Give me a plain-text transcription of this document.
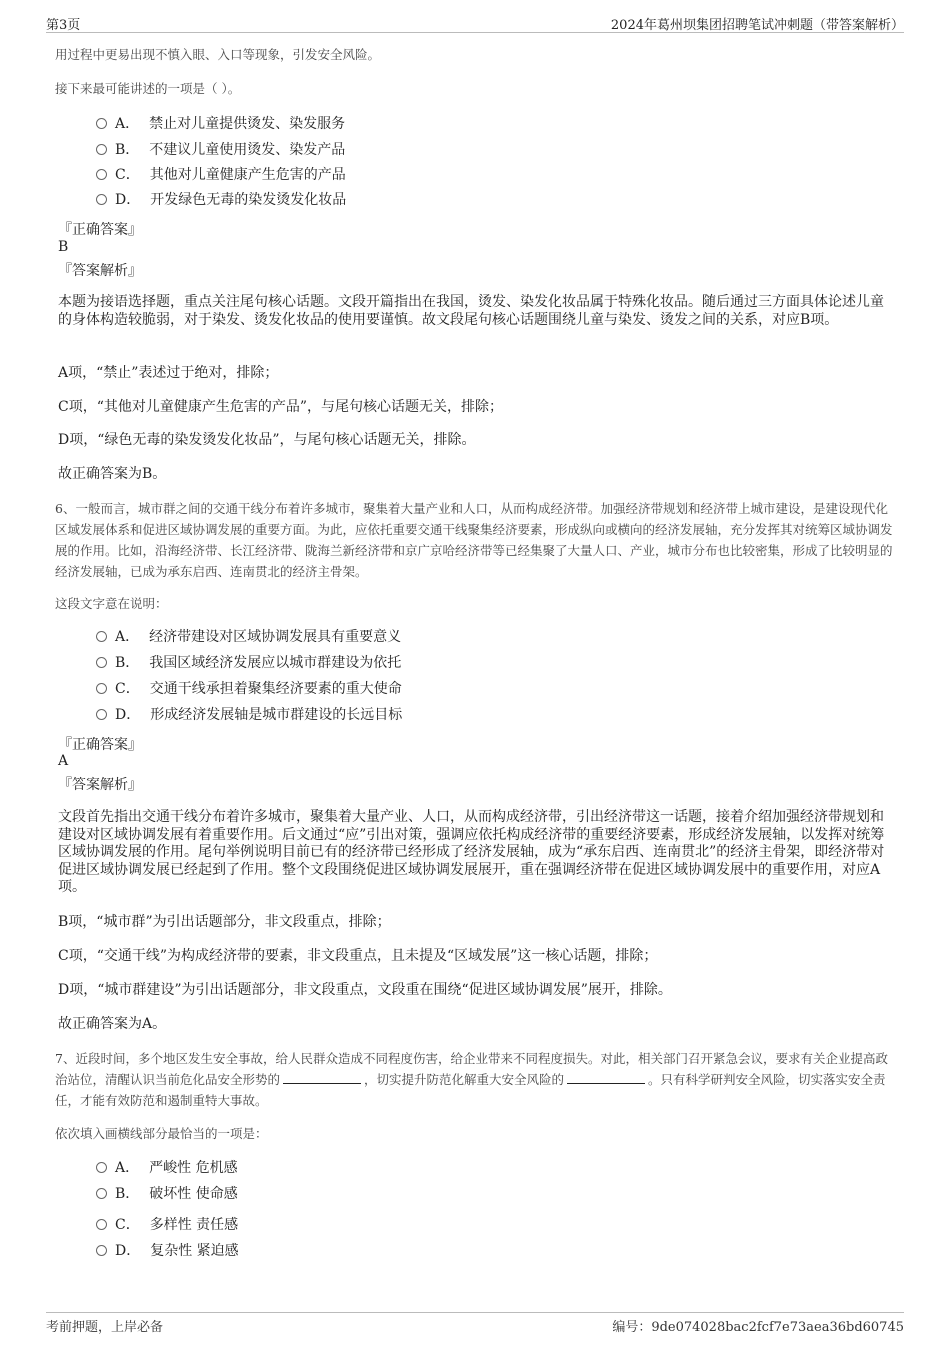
第3页	2024年葛州坝集团招聘笔试冲刺题（带答案解析）
用过程中更易出现不慎入眼、入口等现象，引发安全风险。
接下来最可能讲述的一项是（ ）。
A． 禁止对儿童提供烫发、染发服务
B． 不建议儿童使用烫发、染发产品
C． 其他对儿童健康产生危害的产品
D． 开发绿色无毒的染发烫发化妆品
『正确答案』
B
『答案解析』
本题为接语选择题，重点关注尾句核心话题。文段开篇指出在我国，烫发、染发化妆品属于特殊化妆品。随后通过三方面具体论述儿童的身体构造较脆弱，对于染发、烫发化妆品的使用要谨慎。故文段尾句核心话题围绕儿童与染发、烫发之间的关系，对应B项。
A项，“禁止”表述过于绝对，排除；
C项，“其他对儿童健康产生危害的产品”，与尾句核心话题无关，排除；
D项，“绿色无毒的染发烫发化妆品”，与尾句核心话题无关，排除。
故正确答案为B。
6、一般而言，城市群之间的交通干线分布着许多城市，聚集着大量产业和人口，从而构成经济带。加强经济带规划和经济带上城市建设，是建设现代化区域发展体系和促进区域协调发展的重要方面。为此，应依托重要交通干线聚集经济要素，形成纵向或横向的经济发展轴，充分发挥其对统筹区域协调发展的作用。比如，沿海经济带、长江经济带、陇海兰新经济带和京广京哈经济带等已经集聚了大量人口、产业，城市分布也比较密集，形成了比较明显的经济发展轴，已成为承东启西、连南贯北的经济主骨架。
这段文字意在说明：
A． 经济带建设对区域协调发展具有重要意义
B． 我国区域经济发展应以城市群建设为依托
C． 交通干线承担着聚集经济要素的重大使命
D． 形成经济发展轴是城市群建设的长远目标
『正确答案』
A
『答案解析』
文段首先指出交通干线分布着许多城市，聚集着大量产业、人口，从而构成经济带，引出经济带这一话题，接着介绍加强经济带规划和建设对区域协调发展有着重要作用。后文通过“应”引出对策，强调应依托构成经济带的重要经济要素，形成经济发展轴，以发挥对统筹区域协调发展的作用。尾句举例说明目前已有的经济带已经形成了经济发展轴，成为“承东启西、连南贯北”的经济主骨架，即经济带对促进区域协调发展已经起到了作用。整个文段围绕促进区域协调发展展开，重在强调经济带在促进区域协调发展中的重要作用，对应A项。
B项，“城市群”为引出话题部分，非文段重点，排除；
C项，“交通干线”为构成经济带的要素，非文段重点，且未提及“区域发展”这一核心话题，排除；
D项，“城市群建设”为引出话题部分，非文段重点，文段重在围绕“促进区域协调发展”展开，排除。
故正确答案为A。
7、近段时间，多个地区发生安全事故，给人民群众造成不同程度伤害，给企业带来不同程度损失。对此，相关部门召开紧急会议，要求有关企业提高政治站位，清醒认识当前危化品安全形势的	，切实提升防范化解重大安全风险的	。只有科学研判安全风险，切实落实安全责任，才能有效防范和遏制重特大事故。
依次填入画横线部分最恰当的一项是：
A． 严峻性 危机感
B． 破坏性 使命感
C． 多样性 责任感
D． 复杂性 紧迫感
考前押题，上岸必备	编号：9de074028bac2fcf7e73aea36bd60745
